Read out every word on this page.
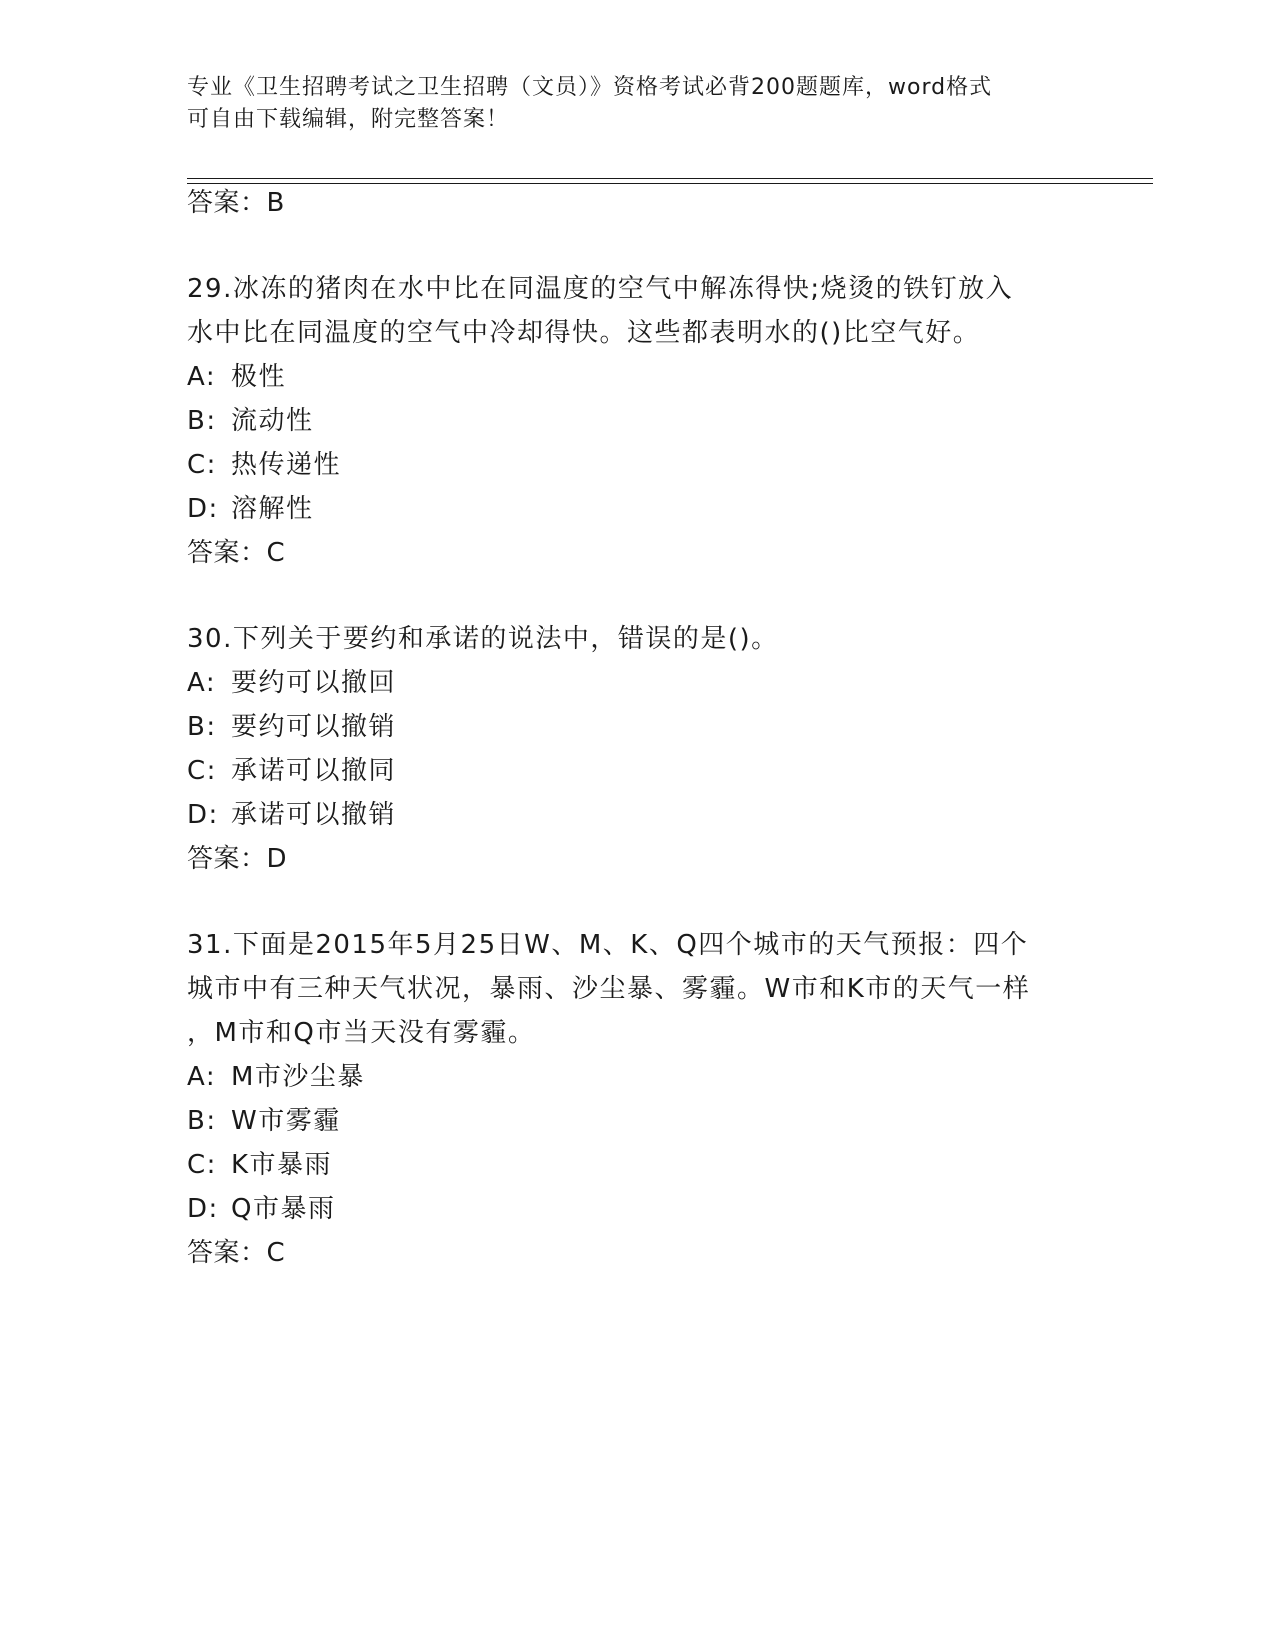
专业《卫生招聘考试之卫生招聘（文员）》资格考试必背200题题库，word格式
可自由下载编辑，附完整答案！
答案：B
29.冰冻的猪肉在水中比在同温度的空气中解冻得快;烧烫的铁钉放入
水中比在同温度的空气中冷却得快。这些都表明水的()比空气好。
A: 极性
B: 流动性
C: 热传递性
D: 溶解性
答案：C
30.下列关于要约和承诺的说法中，错误的是()。
A: 要约可以撤回
B: 要约可以撤销
C: 承诺可以撤同
D: 承诺可以撤销
答案：D
31.下面是2015年5月25日W、M、K、Q四个城市的天气预报：四个
城市中有三种天气状况，暴雨、沙尘暴、雾霾。W市和K市的天气一样
，M市和Q市当天没有雾霾。
A: M市沙尘暴
B: W市雾霾
C: K市暴雨
D: Q市暴雨
答案：C
